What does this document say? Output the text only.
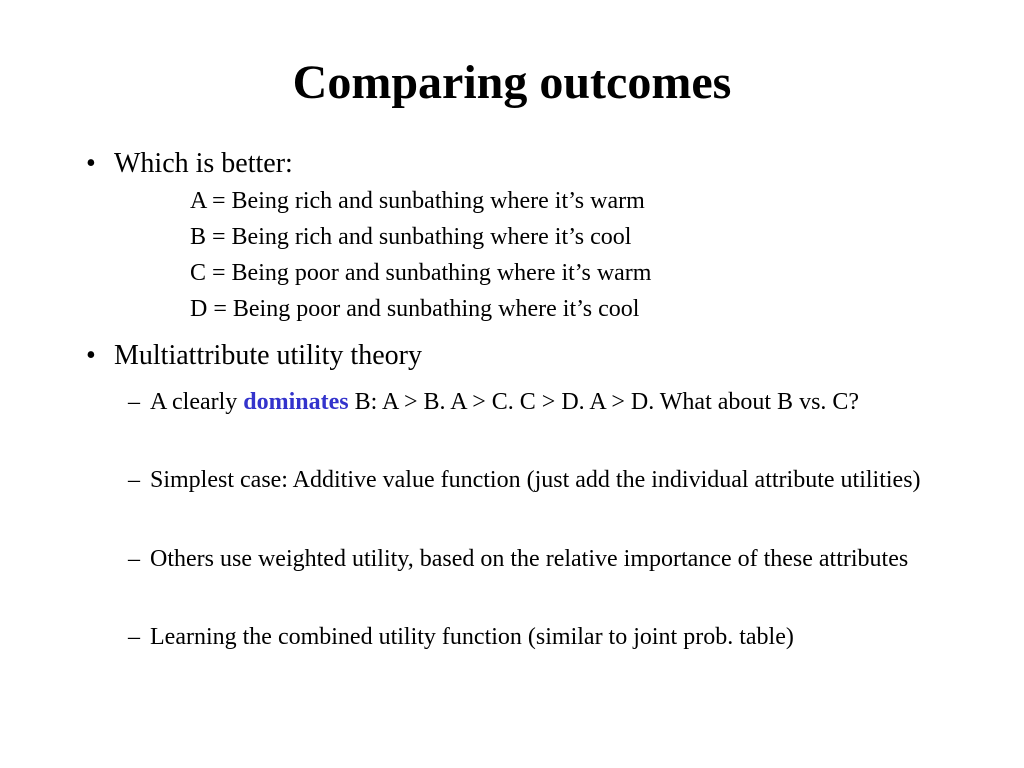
Comparing outcomes
• Which is better:
A = Being rich and sunbathing where it’s warm
B = Being rich and sunbathing where it’s cool
C = Being poor and sunbathing where it’s warm
D = Being poor and sunbathing where it’s cool
• Multiattribute utility theory
– A clearly dominates B: A > B. A > C. C > D. A > D. What about B vs. C?
– Simplest case: Additive value function (just add the individual attribute utilities)
– Others use weighted utility, based on the relative importance of these attributes
– Learning the combined utility function (similar to joint prob. table)
